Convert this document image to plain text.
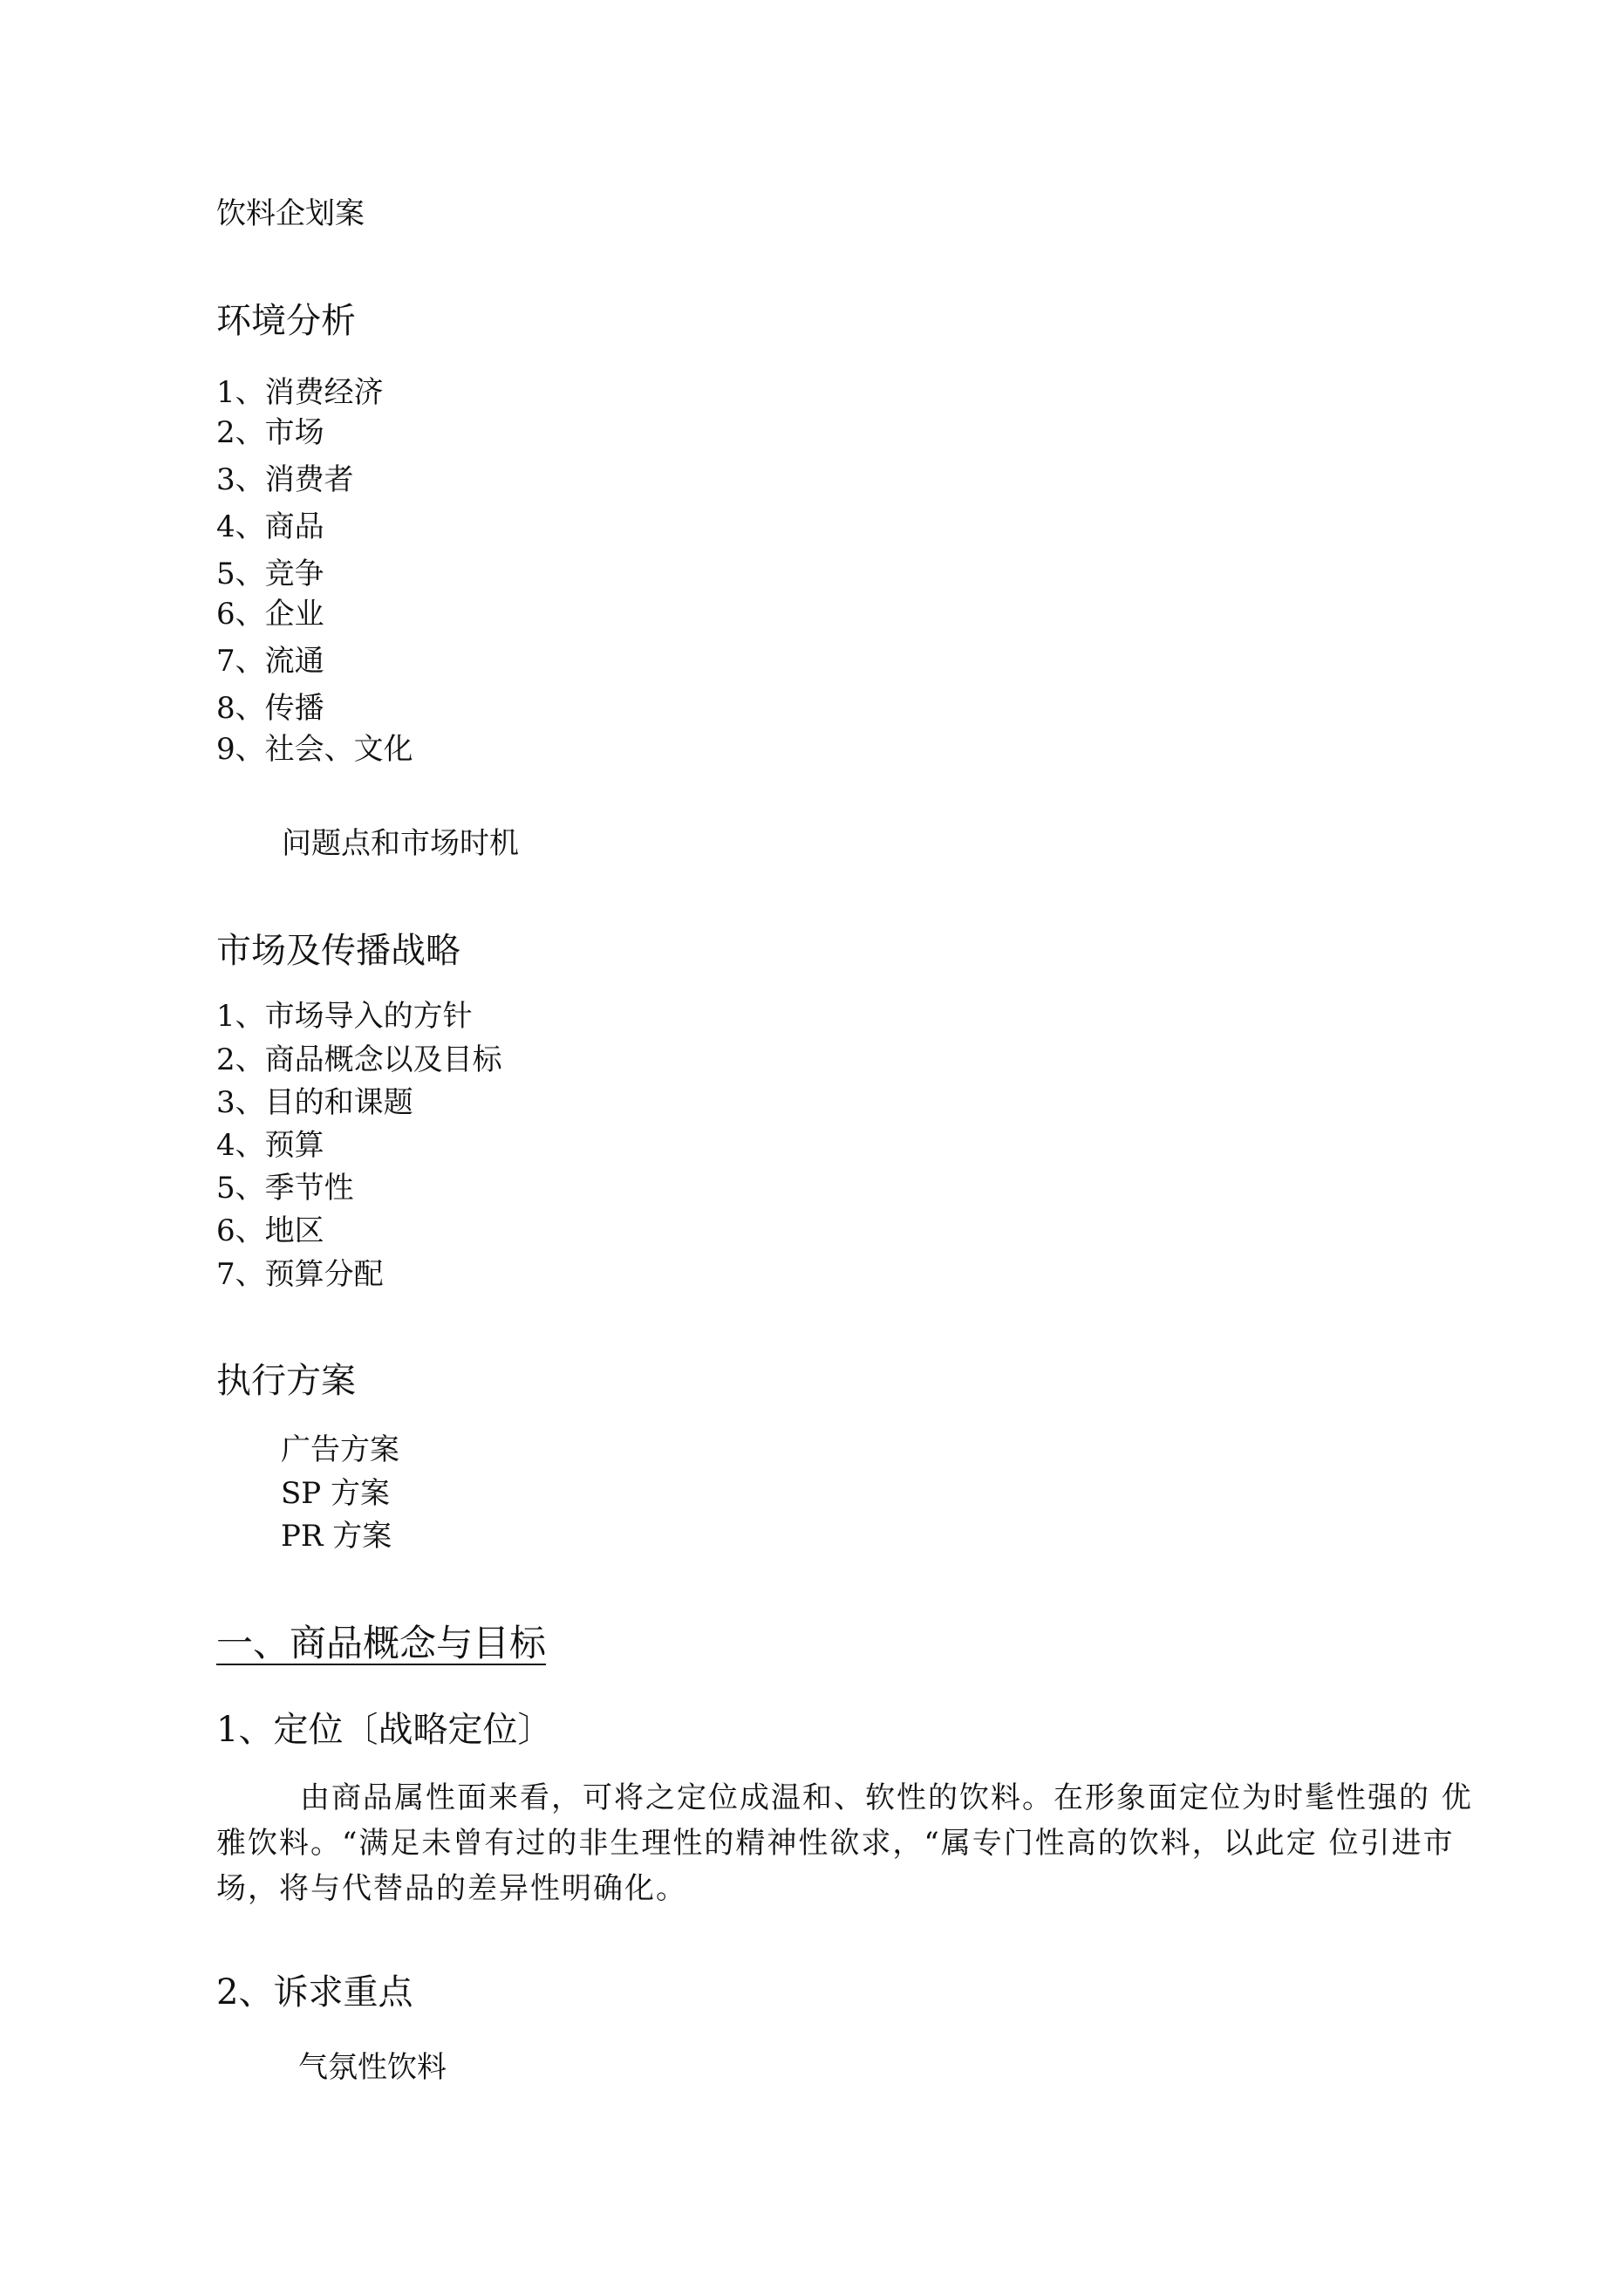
饮料企划案
环境分析
1、消费经济
2、市场
3、消费者
4、商品
5、竞争
6、企业
7、流通
8、传播
9、社会、文化
问题点和市场时机
市场及传播战略
1、市场导入的方针
2、商品概念以及目标
3、目的和课题
4、预算
5、季节性
6、地区
7、预算分配
执行方案
广告方案
SP 方案
PR 方案
一、商品概念与目标
1、定位〔战略定位〕
由商品属性面来看，可将之定位成温和、软性的饮料。在形象面定位为时髦性强的 优雅饮料。“满足未曾有过的非生理性的精神性欲求，“属专门性高的饮料，以此定 位引进市场，将与代替品的差异性明确化。
2、诉求重点
气氛性饮料
